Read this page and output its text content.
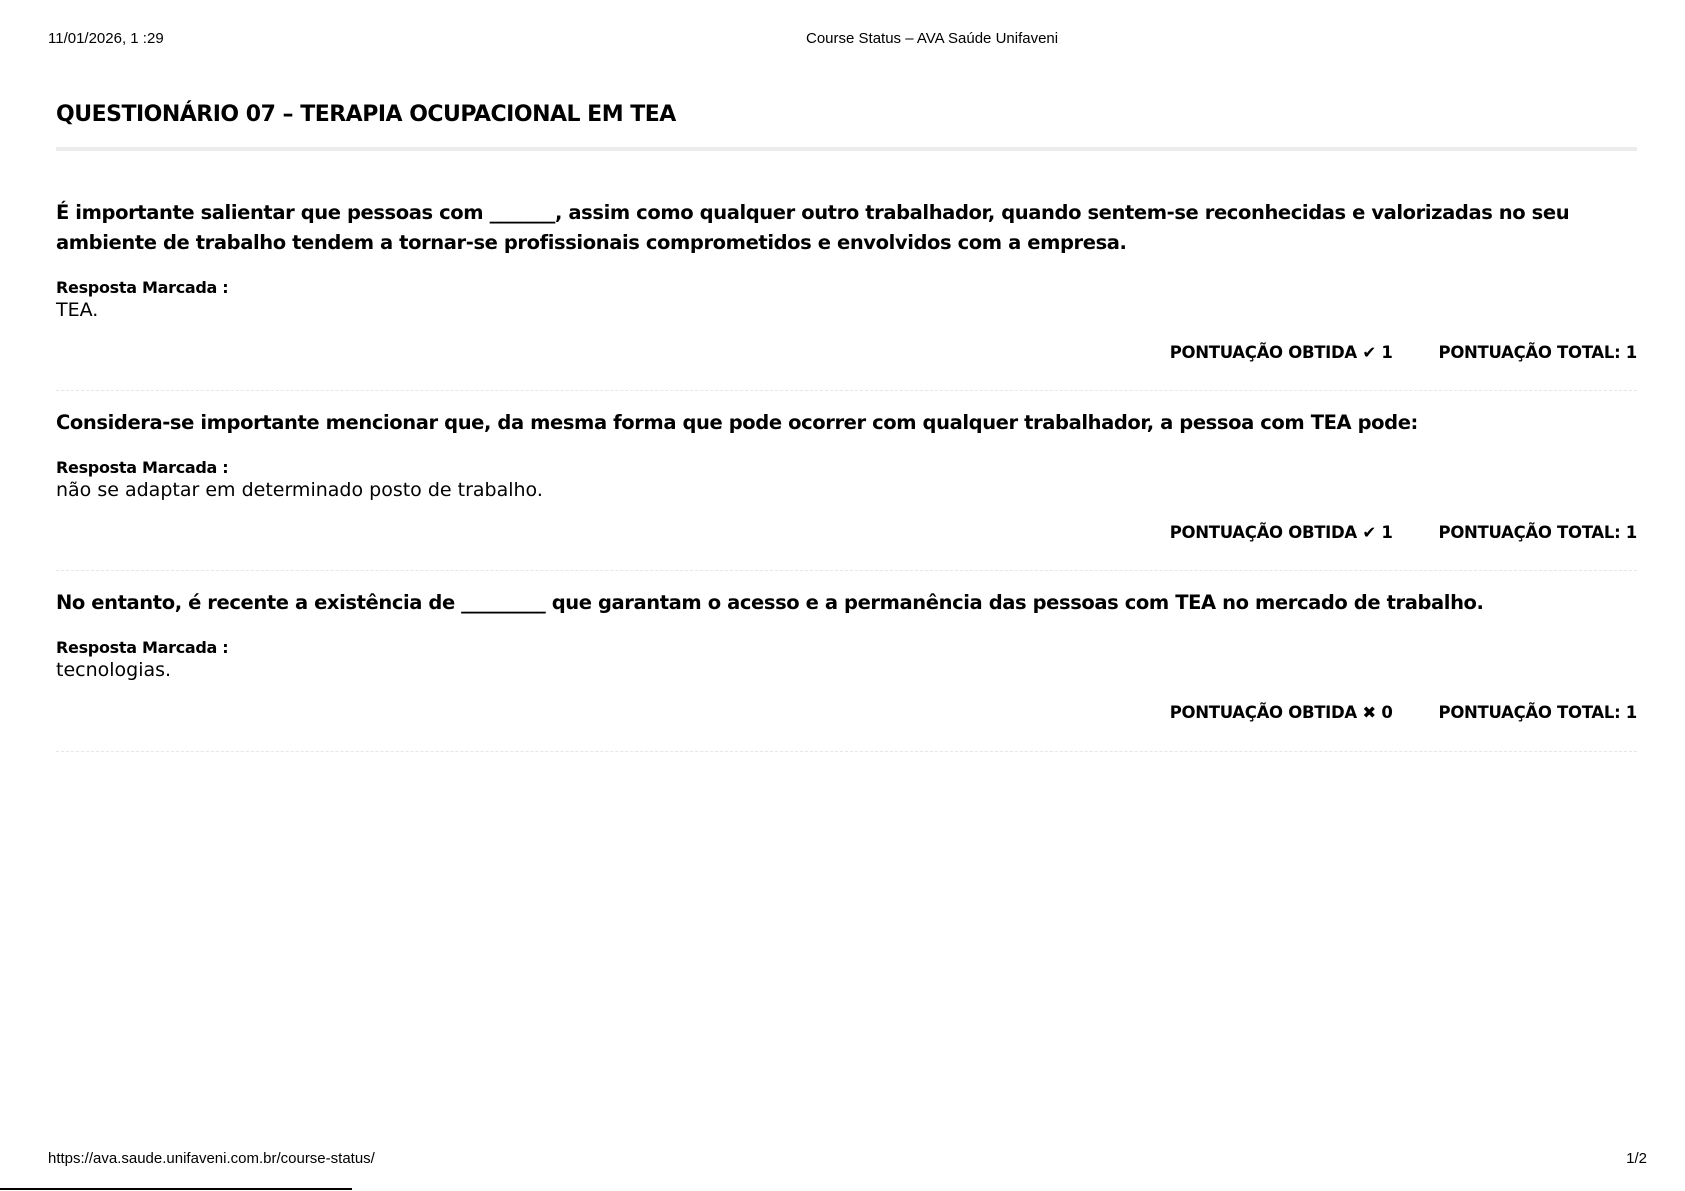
11/01/2026, 1 :29	Course Status – AVA Saúde Unifaveni
QUESTIONÁRIO 07 – TERAPIA OCUPACIONAL EM TEA
É importante salientar que pessoas com _______, assim como qualquer outro trabalhador, quando sentem-se reconhecidas e valorizadas no seu ambiente de trabalho tendem a tornar-se profissionais comprometidos e envolvidos com a empresa.
Resposta Marcada :
TEA.
PONTUAÇÃO OBTIDA ✔ 1	PONTUAÇÃO TOTAL: 1
Considera-se importante mencionar que, da mesma forma que pode ocorrer com qualquer trabalhador, a pessoa com TEA pode:
Resposta Marcada :
não se adaptar em determinado posto de trabalho.
PONTUAÇÃO OBTIDA ✔ 1	PONTUAÇÃO TOTAL: 1
No entanto, é recente a existência de _________ que garantam o acesso e a permanência das pessoas com TEA no mercado de trabalho.
Resposta Marcada :
tecnologias.
PONTUAÇÃO OBTIDA ✖ 0	PONTUAÇÃO TOTAL: 1
https://ava.saude.unifaveni.com.br/course-status/	1/2
